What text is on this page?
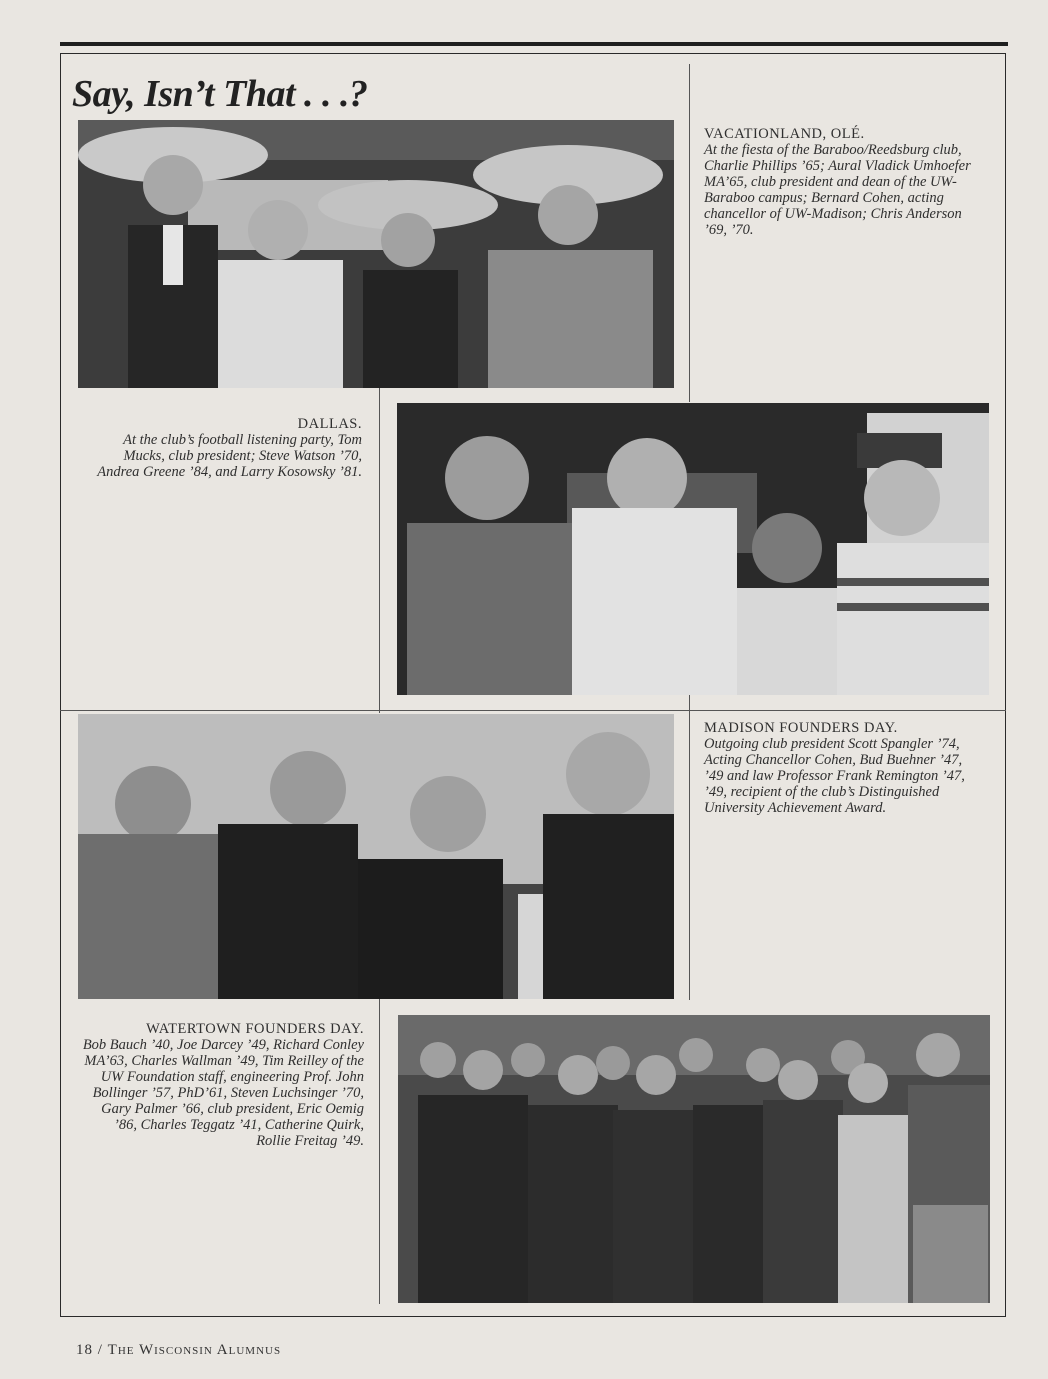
Say, Isn’t That . . .?
VACATIONLAND, OLÉ.
At the fiesta of the Baraboo/Reedsburg club, Charlie Phillips ’65; Aural Vladick Umhoefer MA’65, club president and dean of the UW-Baraboo campus; Bernard Cohen, acting chancellor of UW-Madison; Chris Anderson ’69, ’70.
DALLAS.
At the club’s football listening party, Tom Mucks, club president; Steve Watson ’70, Andrea Greene ’84, and Larry Kosowsky ’81.
MADISON FOUNDERS DAY.
Outgoing club president Scott Spangler ’74, Acting Chancellor Cohen, Bud Buehner ’47, ’49 and law Professor Frank Remington ’47, ’49, recipient of the club’s Distinguished University Achievement Award.
WATERTOWN FOUNDERS DAY.
Bob Bauch ’40, Joe Darcey ’49, Richard Conley MA’63, Charles Wallman ’49, Tim Reilley of the UW Foundation staff, engineering Prof. John Bollinger ’57, PhD’61, Steven Luchsinger ’70, Gary Palmer ’66, club president, Eric Oemig ’86, Charles Teggatz ’41, Catherine Quirk, Rollie Freitag ’49.
18 / The Wisconsin Alumnus
